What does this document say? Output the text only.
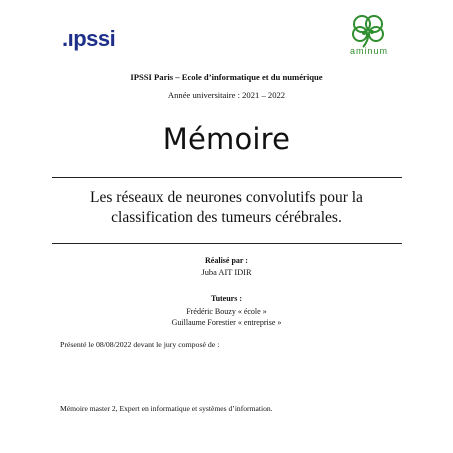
.ıpssi	aminum
IPSSI Paris – Ecole d’informatique et du numérique
Année universitaire : 2021 – 2022
Mémoire
Les réseaux de neurones convolutifs pour la
classification des tumeurs cérébrales.
Réalisé par :
Juba AIT IDIR
Tuteurs :
Frédéric Bouzy « école »
Guillaume Forestier « entreprise »
Présenté le 08/08/2022 devant le jury composé de :
Mémoire master 2, Expert en informatique et systèmes d’information.
